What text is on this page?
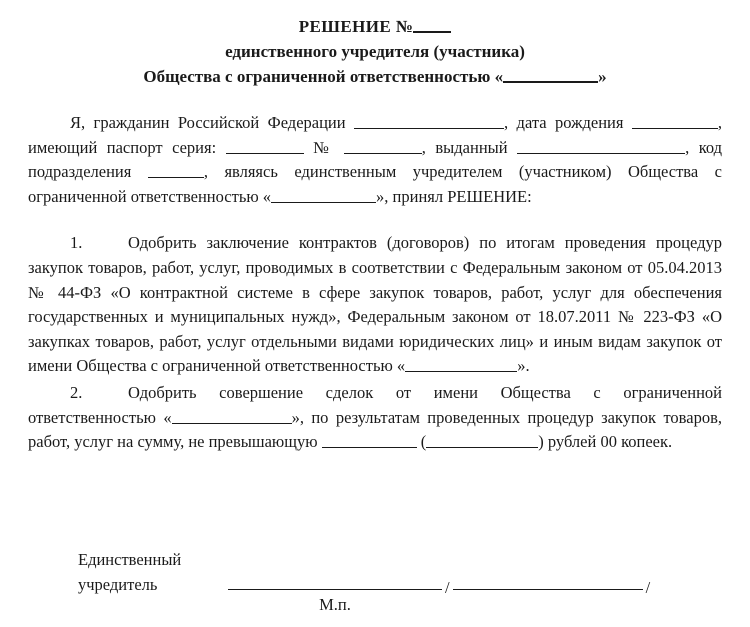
РЕШЕНИЕ №
единственного учредителя (участника)
Общества с ограниченной ответственностью «	»

Я, гражданин Российской Федерации	, дата рождения	, имеющий паспорт серия:	№	, выданный	, код подразделения	, являясь единственным учредителем (участником) Общества с ограниченной ответственностью «	», принял РЕШЕНИЕ:

1.	Одобрить заключение контрактов (договоров) по итогам проведения процедур закупок товаров, работ, услуг, проводимых в соответствии с Федеральным законом от 05.04.2013 № 44-ФЗ «О контрактной системе в сфере закупок товаров, работ, услуг для обеспечения государственных и муниципальных нужд», Федеральным законом от 18.07.2011 № 223-ФЗ «О закупках товаров, работ, услуг отдельными видами юридических лиц» и иным видам закупок от имени Общества с ограниченной ответственностью «	».

2.	Одобрить совершение сделок от имени Общества с ограниченной ответственностью «	», по результатам проведенных процедур закупок товаров, работ, услуг на сумму, не превышающую	(	) рублей 00 копеек.

Единственный
учредитель	/	/
М.п.
